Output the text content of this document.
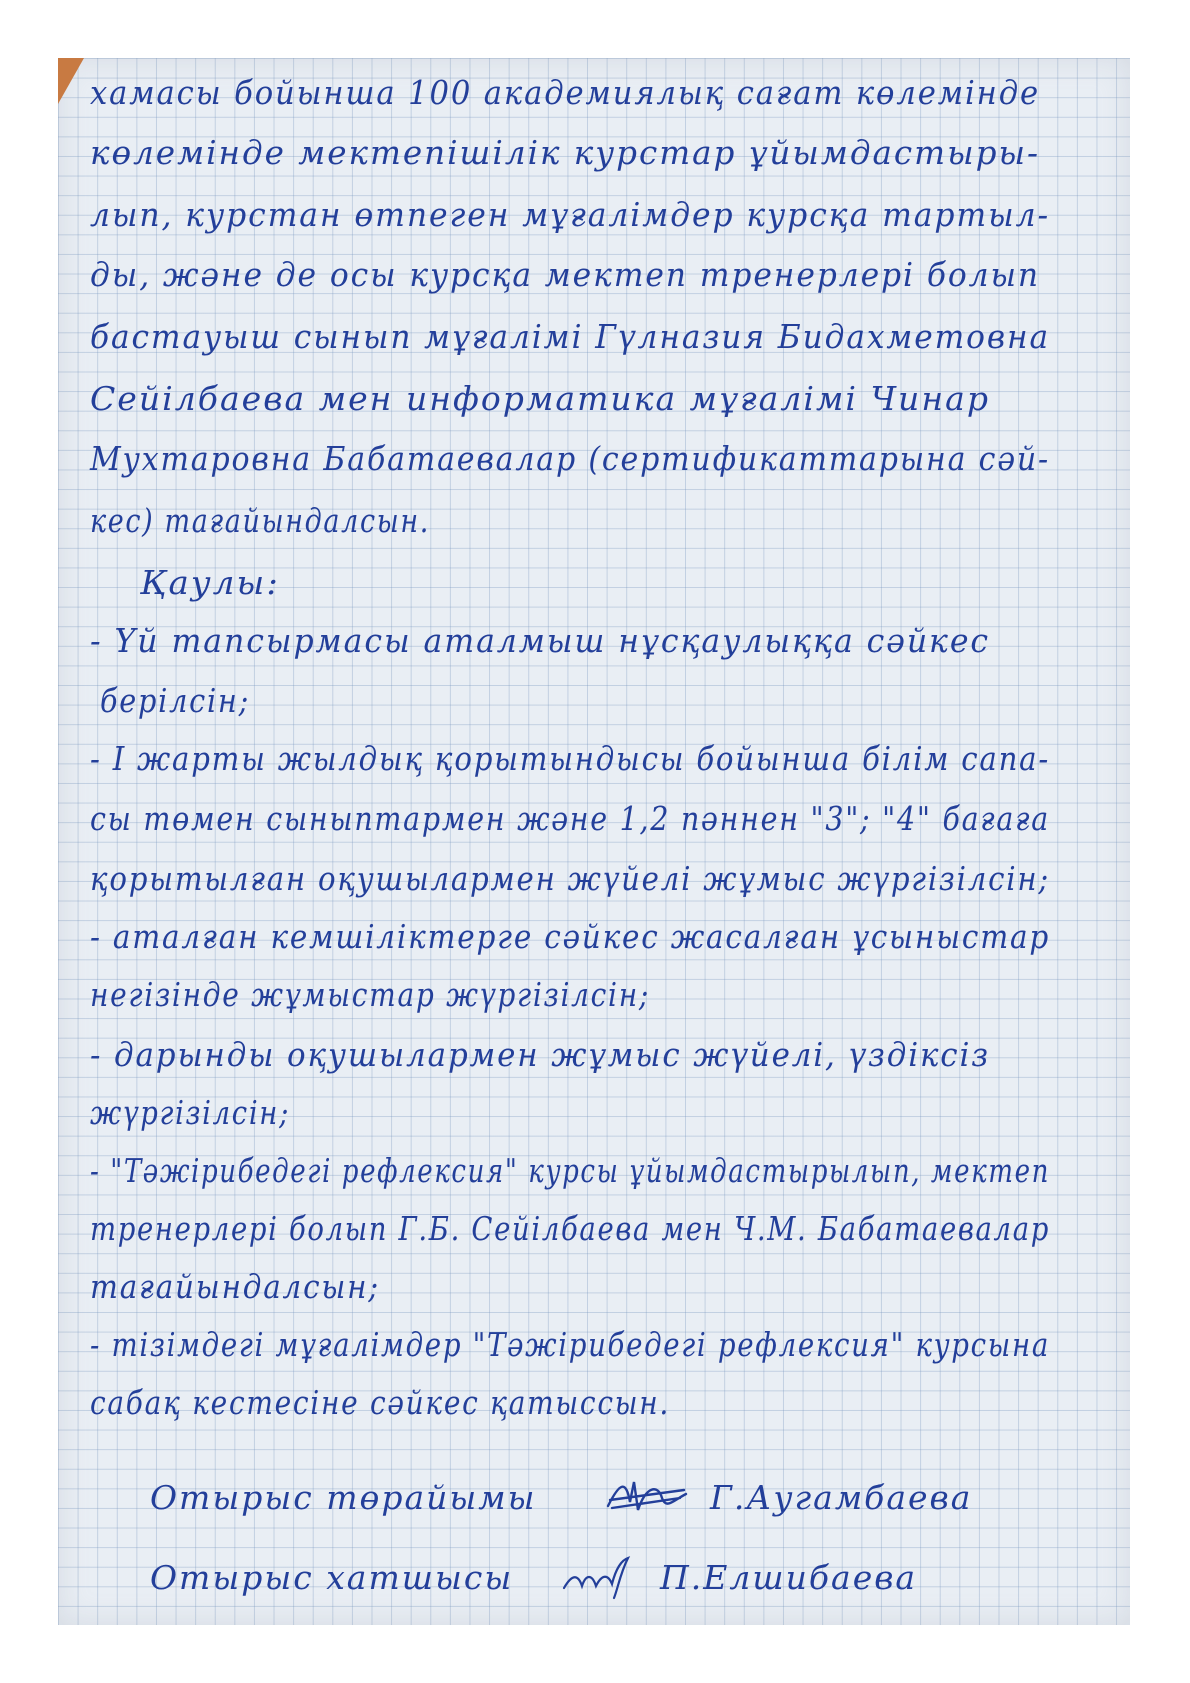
хамасы бойынша 100 академиялық сағат көлемінде
көлемінде мектепішілік курстар ұйымдастыры-
лып, курстан өтпеген мұғалімдер курсқа тартыл-
ды, және де осы курсқа мектеп тренерлері болып
бастауыш сынып мұғалімі Гүлназия Бидахметовна
Сейілбаева мен информатика мұғалімі Чинар
Мухтаровна Бабатаевалар (сертификаттарына сәй-
кес) тағайындалсын.
Қаулы:
- Үй тапсырмасы аталмыш нұсқаулыққа сәйкес
берілсін;
- I жарты жылдық қорытындысы бойынша білім сапа-
сы төмен сыныптармен және 1,2 пәннен "3"; "4" бағаға
қорытылған оқушылармен жүйелі жұмыс жүргізілсін;
- аталған кемшіліктерге сәйкес жасалған ұсыныстар
негізінде жұмыстар жүргізілсін;
- дарынды оқушылармен жұмыс жүйелі, үздіксіз
жүргізілсін;
- "Тәжірибедегі рефлексия" курсы ұйымдастырылып, мектеп
тренерлері болып Г.Б. Сейілбаева мен Ч.М. Бабатаевалар
тағайындалсын;
- тізімдегі мұғалімдер "Тәжірибедегі рефлексия" курсына
сабақ кестесіне сәйкес қатыссын.
Отырыс төрайымы	Г.Аугамбаева
Отырыс хатшысы	П.Елшибаева
